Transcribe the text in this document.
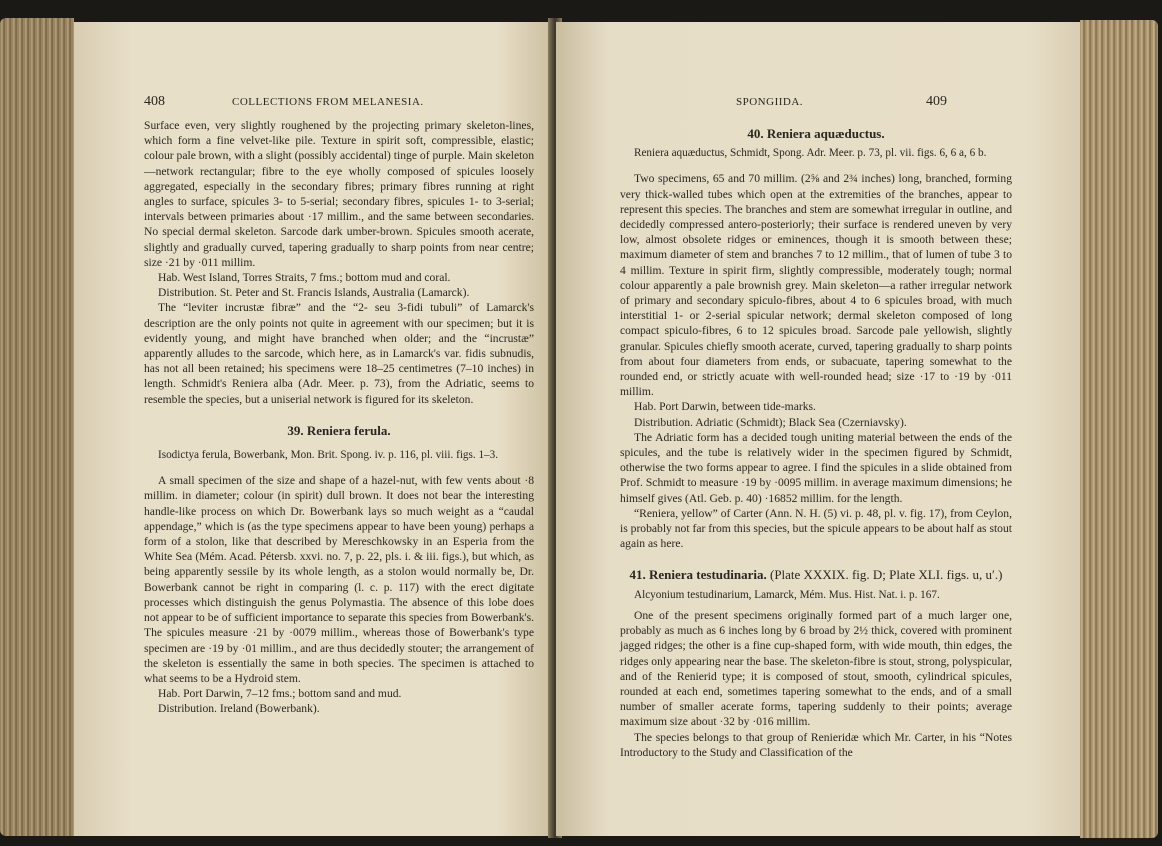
408	COLLECTIONS FROM MELANESIA.

Surface even, very slightly roughened by the projecting primary skeleton-lines, which form a fine velvet-like pile. Texture in spirit soft, compressible, elastic; colour pale brown, with a slight (possibly accidental) tinge of purple. Main skeleton—network rectangular; fibre to the eye wholly composed of spicules loosely aggregated, especially in the secondary fibres; primary fibres running at right angles to surface, spicules 3- to 5-serial; secondary fibres, spicules 1- to 3-serial; intervals between primaries about ·17 millim., and the same between secondaries. No special dermal skeleton. Sarcode dark umber-brown. Spicules smooth acerate, slightly and gradually curved, tapering gradually to sharp points from near centre; size ·21 by ·011 millim.

Hab. West Island, Torres Straits, 7 fms.; bottom mud and coral.

Distribution. St. Peter and St. Francis Islands, Australia (Lamarck).

The “leviter incrustæ fibræ” and the “2- seu 3-fidi tubuli” of Lamarck's description are the only points not quite in agreement with our specimen; but it is evidently young, and might have branched when older; and the “incrustæ” apparently alludes to the sarcode, which here, as in Lamarck's var. fidis subnudis, has not all been retained; his specimens were 18–25 centimetres (7–10 inches) in length. Schmidt's Reniera alba (Adr. Meer. p. 73), from the Adriatic, seems to resemble the species, but a uniserial network is figured for its skeleton.

39. Reniera ferula.

Isodictya ferula, Bowerbank, Mon. Brit. Spong. iv. p. 116, pl. viii. figs. 1–3.

A small specimen of the size and shape of a hazel-nut, with few vents about ·8 millim. in diameter; colour (in spirit) dull brown. It does not bear the interesting handle-like process on which Dr. Bowerbank lays so much weight as a “caudal appendage,” which is (as the type specimens appear to have been young) perhaps a form of a stolon, like that described by Mereschkowsky in an Esperia from the White Sea (Mém. Acad. Pétersb. xxvi. no. 7, p. 22, pls. i. & iii. figs.), but which, as being apparently sessile by its whole length, as a stolon would normally be, Dr. Bowerbank cannot be right in comparing (l. c. p. 117) with the erect digitate processes which distinguish the genus Polymastia. The absence of this lobe does not appear to be of sufficient importance to separate this species from Bowerbank's. The spicules measure ·21 by ·0079 millim., whereas those of Bowerbank's type specimen are ·19 by ·01 millim., and are thus decidedly stouter; the arrangement of the skeleton is essentially the same in both species. The specimen is attached to what seems to be a Hydroid stem.

Hab. Port Darwin, 7–12 fms.; bottom sand and mud.

Distribution. Ireland (Bowerbank).

SPONGIIDA.	409
40. Reniera aquæductus.

Reniera aquæductus, Schmidt, Spong. Adr. Meer. p. 73, pl. vii. figs. 6, 6 a, 6 b.

Two specimens, 65 and 70 millim. (2⅝ and 2¾ inches) long, branched, forming very thick-walled tubes which open at the extremities of the branches, appear to represent this species. The branches and stem are somewhat irregular in outline, and decidedly compressed antero-posteriorly; their surface is rendered uneven by very low, almost obsolete ridges or eminences, though it is smooth between these; maximum diameter of stem and branches 7 to 12 millim., that of lumen of tube 3 to 4 millim. Texture in spirit firm, slightly compressible, moderately tough; normal colour apparently a pale brownish grey. Main skeleton—a rather irregular network of primary and secondary spiculo-fibres, about 4 to 6 spicules broad, with much interstitial 1- or 2-serial spicular network; dermal skeleton composed of long compact spiculo-fibres, 6 to 12 spicules broad. Sarcode pale yellowish, slightly granular. Spicules chiefly smooth acerate, curved, tapering gradually to sharp points from about four diameters from ends, or subacuate, tapering somewhat to the rounded end, or strictly acuate with well-rounded head; size ·17 to ·19 by ·011 millim.

Hab. Port Darwin, between tide-marks.

Distribution. Adriatic (Schmidt); Black Sea (Czerniavsky).

The Adriatic form has a decided tough uniting material between the ends of the spicules, and the tube is relatively wider in the specimen figured by Schmidt, otherwise the two forms appear to agree. I find the spicules in a slide obtained from Prof. Schmidt to measure ·19 by ·0095 millim. in average maximum dimensions; he himself gives (Atl. Geb. p. 40) ·16852 millim. for the length.

“Reniera, yellow” of Carter (Ann. N. H. (5) vi. p. 48, pl. v. fig. 17), from Ceylon, is probably not far from this species, but the spicule appears to be about half as stout again as here.

41. Reniera testudinaria. (Plate XXXIX. fig. D; Plate XLI. figs. u, u′.)

Alcyonium testudinarium, Lamarck, Mém. Mus. Hist. Nat. i. p. 167.

One of the present specimens originally formed part of a much larger one, probably as much as 6 inches long by 6 broad by 2½ thick, covered with prominent jagged ridges; the other is a fine cup-shaped form, with wide mouth, thin edges, the ridges only appearing near the base. The skeleton-fibre is stout, strong, polyspicular, and of the Renierid type; it is composed of stout, smooth, cylindrical spicules, rounded at each end, sometimes tapering somewhat to the ends, and of a small number of smaller acerate forms, tapering suddenly to their points; average maximum size about ·32 by ·016 millim.

The species belongs to that group of Renieridæ which Mr. Carter, in his “Notes Introductory to the Study and Classification of the
